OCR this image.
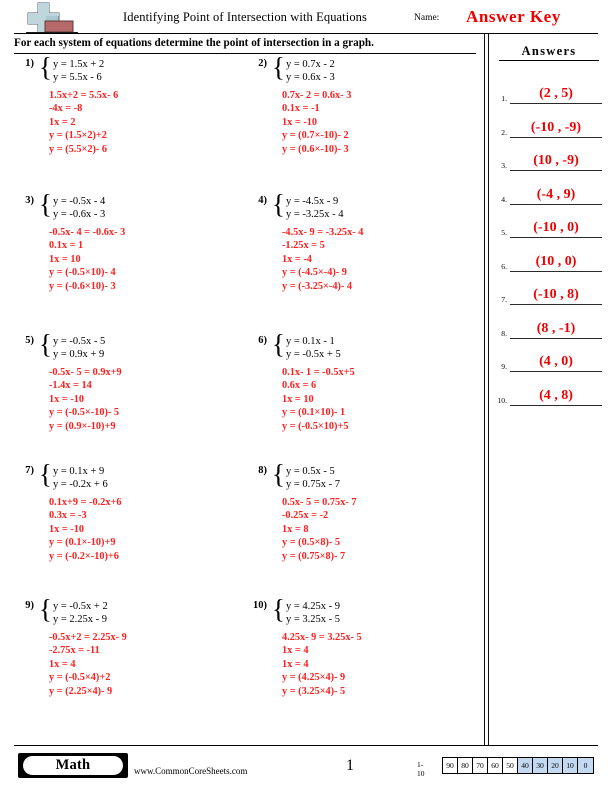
Identifying Point of Intersection with Equations	Name: Answer Key
For each system of equations determine the point of intersection in a graph.
1) { y = 1.5x + 2
y = 5.5x - 6
1.5x+2 = 5.5x- 6
-4x = -8
1x = 2
y = (1.5×2)+2
y = (5.5×2)- 6
2) { y = 0.7x - 2
y = 0.6x - 3
0.7x- 2 = 0.6x- 3
0.1x = -1
1x = -10
y = (0.7×-10)- 2
y = (0.6×-10)- 3
3) { y = -0.5x - 4
y = -0.6x - 3
-0.5x- 4 = -0.6x- 3
0.1x = 1
1x = 10
y = (-0.5×10)- 4
y = (-0.6×10)- 3
4) { y = -4.5x - 9
y = -3.25x - 4
-4.5x- 9 = -3.25x- 4
-1.25x = 5
1x = -4
y = (-4.5×-4)- 9
y = (-3.25×-4)- 4
5) { y = -0.5x - 5
y = 0.9x + 9
-0.5x- 5 = 0.9x+9
-1.4x = 14
1x = -10
y = (-0.5×-10)- 5
y = (0.9×-10)+9
6) { y = 0.1x - 1
y = -0.5x + 5
0.1x- 1 = -0.5x+5
0.6x = 6
1x = 10
y = (0.1×10)- 1
y = (-0.5×10)+5
7) { y = 0.1x + 9
y = -0.2x + 6
0.1x+9 = -0.2x+6
0.3x = -3
1x = -10
y = (0.1×-10)+9
y = (-0.2×-10)+6
8) { y = 0.5x - 5
y = 0.75x - 7
0.5x- 5 = 0.75x- 7
-0.25x = -2
1x = 8
y = (0.5×8)- 5
y = (0.75×8)- 7
9) { y = -0.5x + 2
y = 2.25x - 9
-0.5x+2 = 2.25x- 9
-2.75x = -11
1x = 4
y = (-0.5×4)+2
y = (2.25×4)- 9
10) { y = 4.25x - 9
y = 3.25x - 5
4.25x- 9 = 3.25x- 5
1x = 4
1x = 4
y = (4.25×4)- 9
y = (3.25×4)- 5
Answers
1.	(2 , 5)
2.	(-10 , -9)
3.	(10 , -9)
4.	(-4 , 9)
5.	(-10 , 0)
6.	(10 , 0)
7.	(-10 , 8)
8.	(8 , -1)
9.	(4 , 0)
10.	(4 , 8)
Math	www.CommonCoreSheets.com	1	1-10
90 80 70 60 50 40 30 20 10	0
